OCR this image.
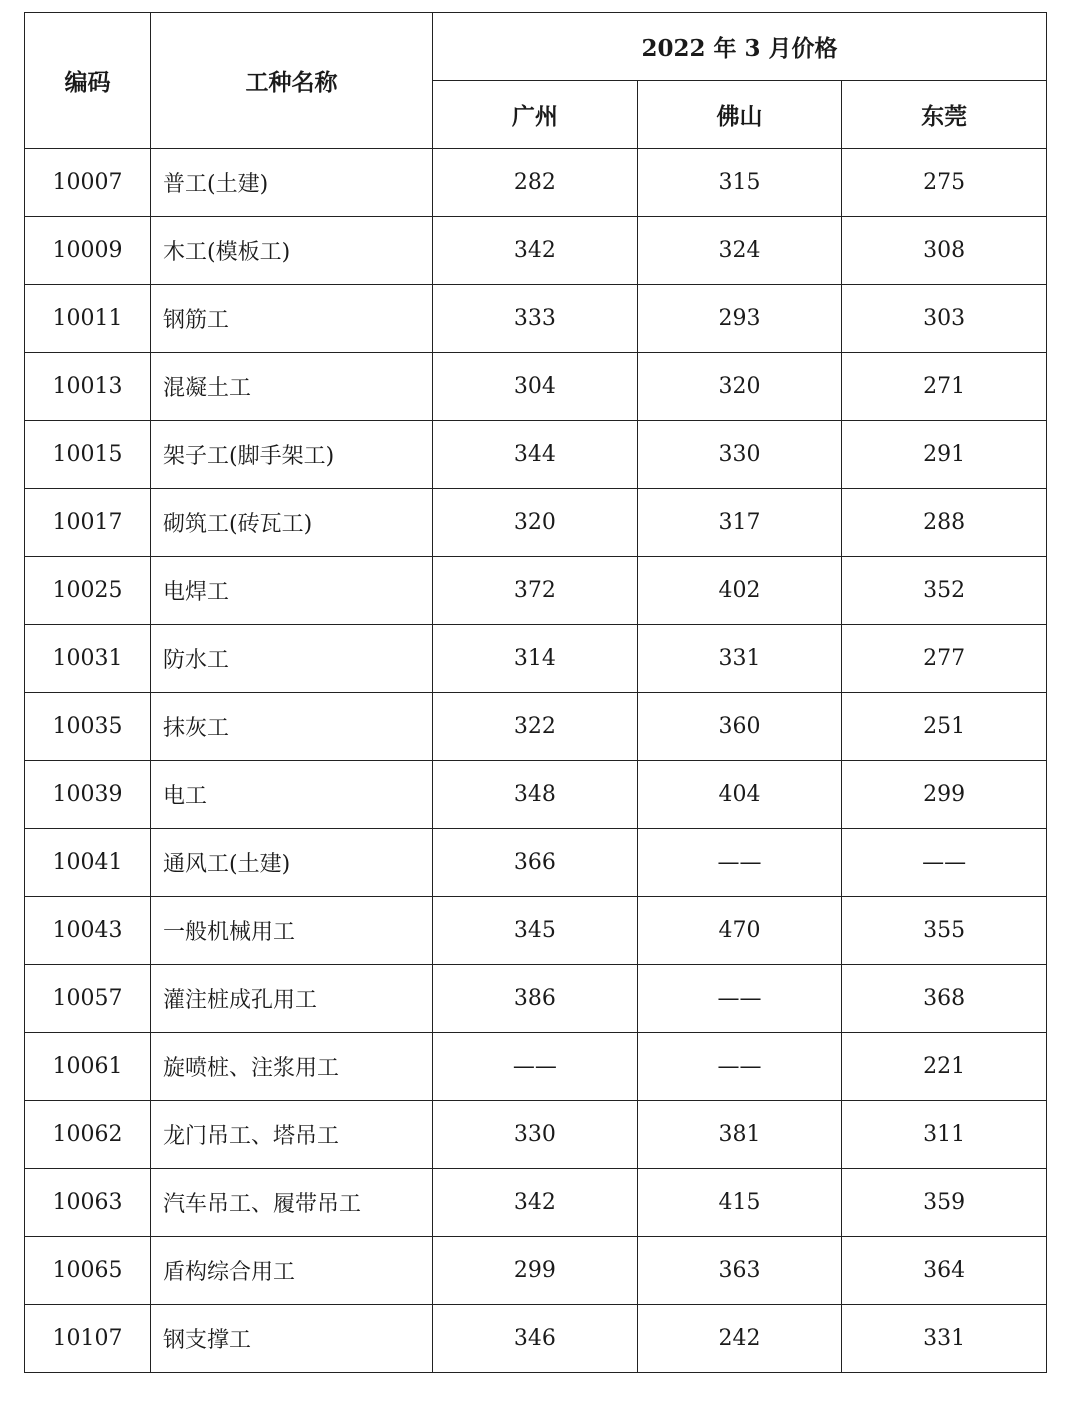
编码	工种名称	2022 年 3 月价格		
		广州	佛山	东莞
10007	普工(土建)	282	315	275
10009	木工(模板工)	342	324	308
10011	钢筋工	333	293	303
10013	混凝土工	304	320	271
10015	架子工(脚手架工)	344	330	291
10017	砌筑工(砖瓦工)	320	317	288
10025	电焊工	372	402	352
10031	防水工	314	331	277
10035	抹灰工	322	360	251
10039	电工	348	404	299
10041	通风工(土建)	366	——	——
10043	一般机械用工	345	470	355
10057	灌注桩成孔用工	386	——	368
10061	旋喷桩、注浆用工	——	——	221
10062	龙门吊工、塔吊工	330	381	311
10063	汽车吊工、履带吊工	342	415	359
10065	盾构综合用工	299	363	364
10107	钢支撑工	346	242	331
